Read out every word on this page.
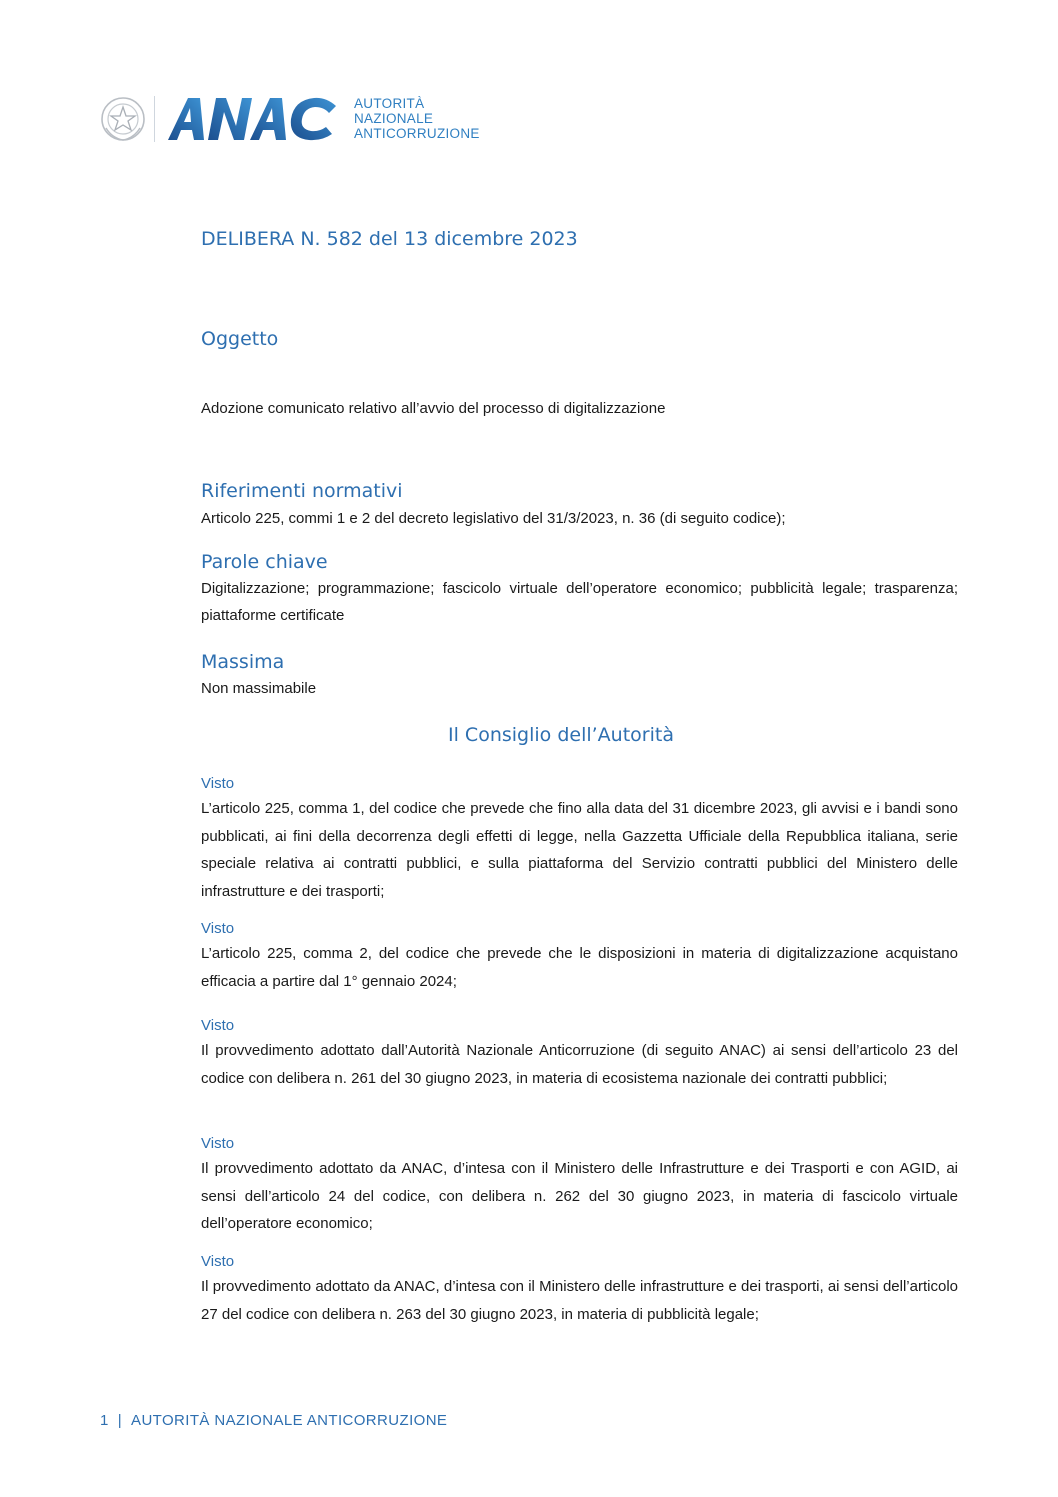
AUTORITÀ
NAZIONALE
ANTICORRUZIONE
DELIBERA N. 582 del 13 dicembre 2023
Oggetto
Adozione comunicato relativo all’avvio del processo di digitalizzazione
Riferimenti normativi
Articolo 225, commi 1 e 2 del decreto legislativo del 31/3/2023, n. 36 (di seguito codice);
Parole chiave
Digitalizzazione; programmazione; fascicolo virtuale dell’operatore economico; pubblicità legale; trasparenza; piattaforme certificate
Massima
Non massimabile
Il Consiglio dell’Autorità
Visto
L’articolo 225, comma 1, del codice che prevede che fino alla data del 31 dicembre 2023, gli avvisi e i bandi sono pubblicati, ai fini della decorrenza degli effetti di legge, nella Gazzetta Ufficiale della Repubblica italiana, serie speciale relativa ai contratti pubblici, e sulla piattaforma del Servizio contratti pubblici del Ministero delle infrastrutture e dei trasporti;
Visto
L’articolo 225, comma 2, del codice che prevede che le disposizioni in materia di digitalizzazione acquistano efficacia a partire dal 1° gennaio 2024;
Visto
Il provvedimento adottato dall’Autorità Nazionale Anticorruzione (di seguito ANAC) ai sensi dell’articolo 23 del codice con delibera n. 261 del 30 giugno 2023, in materia di ecosistema nazionale dei contratti pubblici;
Visto
Il provvedimento adottato da ANAC, d’intesa con il Ministero delle Infrastrutture e dei Trasporti e con AGID, ai sensi dell’articolo 24 del codice, con delibera n. 262 del 30 giugno 2023, in materia di fascicolo virtuale dell’operatore economico;
Visto
Il provvedimento adottato da ANAC, d’intesa con il Ministero delle infrastrutture e dei trasporti, ai sensi dell’articolo 27 del codice con delibera n. 263 del 30 giugno 2023, in materia di pubblicità legale;
1 | AUTORITÀ NAZIONALE ANTICORRUZIONE
